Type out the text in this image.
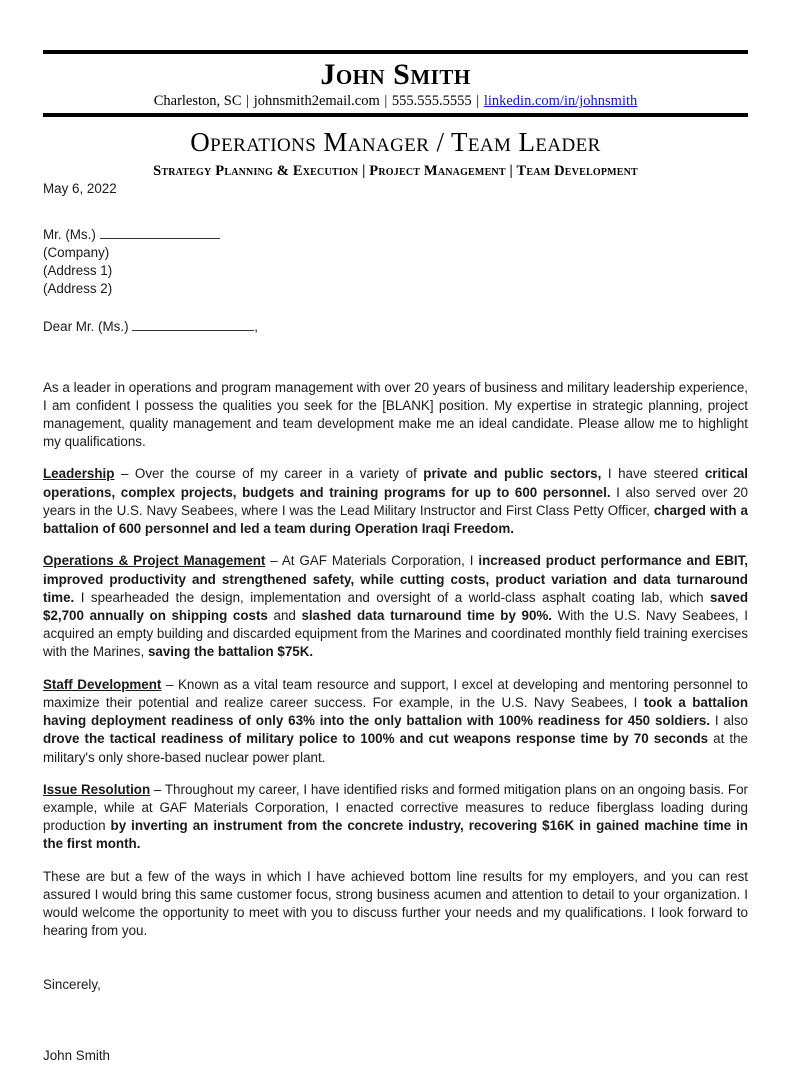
John Smith
Charleston, SC | johnsmith2email.com | 555.555.5555 | linkedin.com/in/johnsmith
Operations Manager / Team Leader
Strategy Planning & Execution | Project Management | Team Development
May 6, 2022
Mr. (Ms.)
(Company)
(Address 1)
(Address 2)
Dear Mr. (Ms.)	,

As a leader in operations and program management with over 20 years of business and military leadership experience, I am confident I possess the qualities you seek for the [BLANK] position. My expertise in strategic planning, project management, quality management and team development make me an ideal candidate. Please allow me to highlight my qualifications.

Leadership – Over the course of my career in a variety of private and public sectors, I have steered critical operations, complex projects, budgets and training programs for up to 600 personnel. I also served over 20 years in the U.S. Navy Seabees, where I was the Lead Military Instructor and First Class Petty Officer, charged with a battalion of 600 personnel and led a team during Operation Iraqi Freedom.

Operations & Project Management – At GAF Materials Corporation, I increased product performance and EBIT, improved productivity and strengthened safety, while cutting costs, product variation and data turnaround time. I spearheaded the design, implementation and oversight of a world-class asphalt coating lab, which saved $2,700 annually on shipping costs and slashed data turnaround time by 90%. With the U.S. Navy Seabees, I acquired an empty building and discarded equipment from the Marines and coordinated monthly field training exercises with the Marines, saving the battalion $75K.

Staff Development – Known as a vital team resource and support, I excel at developing and mentoring personnel to maximize their potential and realize career success. For example, in the U.S. Navy Seabees, I took a battalion having deployment readiness of only 63% into the only battalion with 100% readiness for 450 soldiers. I also drove the tactical readiness of military police to 100% and cut weapons response time by 70 seconds at the military's only shore-based nuclear power plant.

Issue Resolution – Throughout my career, I have identified risks and formed mitigation plans on an ongoing basis. For example, while at GAF Materials Corporation, I enacted corrective measures to reduce fiberglass loading during production by inverting an instrument from the concrete industry, recovering $16K in gained machine time in the first month.

These are but a few of the ways in which I have achieved bottom line results for my employers, and you can rest assured I would bring this same customer focus, strong business acumen and attention to detail to your organization. I would welcome the opportunity to meet with you to discuss further your needs and my qualifications. I look forward to hearing from you.

Sincerely,
John Smith
